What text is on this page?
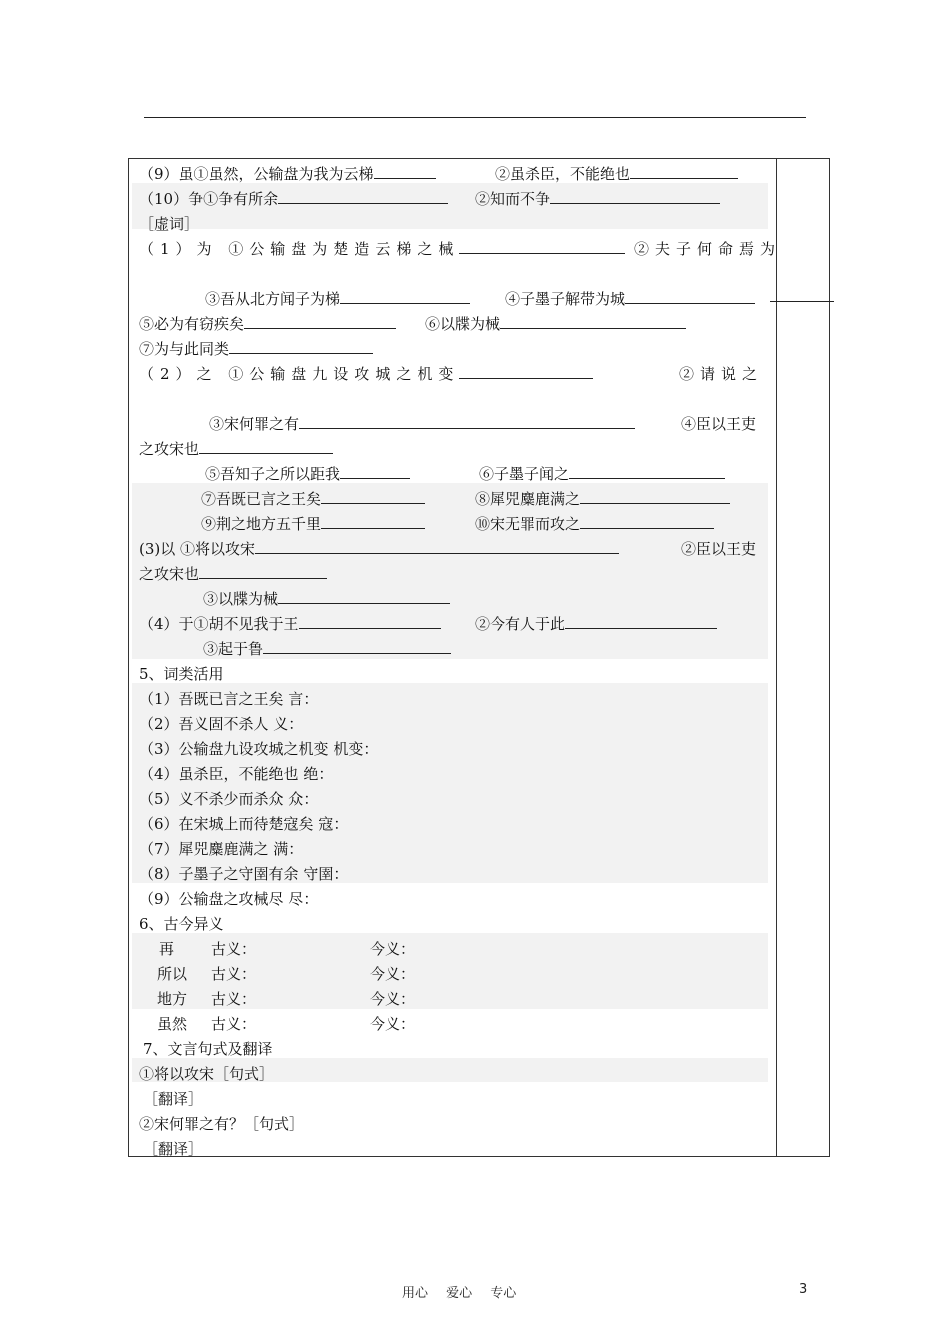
（9）虽①虽然，公输盘为我为云梯	②虽杀臣，不能绝也
（10）争①争有所余	②知而不争
［虚词］
（1）为 ①公输盘为楚造云梯之械	②夫子何命焉为
③吾从北方闻子为梯	④子墨子解带为城
⑤必为有窃疾矣	⑥以牒为械
⑦为与此同类
（2）之 ①公输盘九设攻城之机变	②请说之
③宋何罪之有	④臣以王吏
之攻宋也
⑤吾知子之所以距我	⑥子墨子闻之
⑦吾既已言之王矣	⑧犀兕麋鹿满之
⑨荆之地方五千里	⑩宋无罪而攻之
(3)以 ①将以攻宋	②臣以王吏
之攻宋也
③以牒为械
（4）于①胡不见我于王	②今有人于此
③起于鲁
5、词类活用
（1）吾既已言之王矣 言：
（2）吾义固不杀人 义：
（3）公输盘九设攻城之机变 机变：
（4）虽杀臣，不能绝也 绝：
（5）义不杀少而杀众 众：
（6）在宋城上而待楚寇矣 寇：
（7）犀兕麋鹿满之 满：
（8）子墨子之守圉有余 守圉：
（9）公输盘之攻械尽 尽：
6、古今异义
再 古义：	今义：
所以 古义：	今义：
地方 古义：	今义：
虽然 古义：	今义：
7、文言句式及翻译
①将以攻宋［句式］
［翻译］
②宋何罪之有？［句式］
［翻译］
用心 爱心 专心	3
